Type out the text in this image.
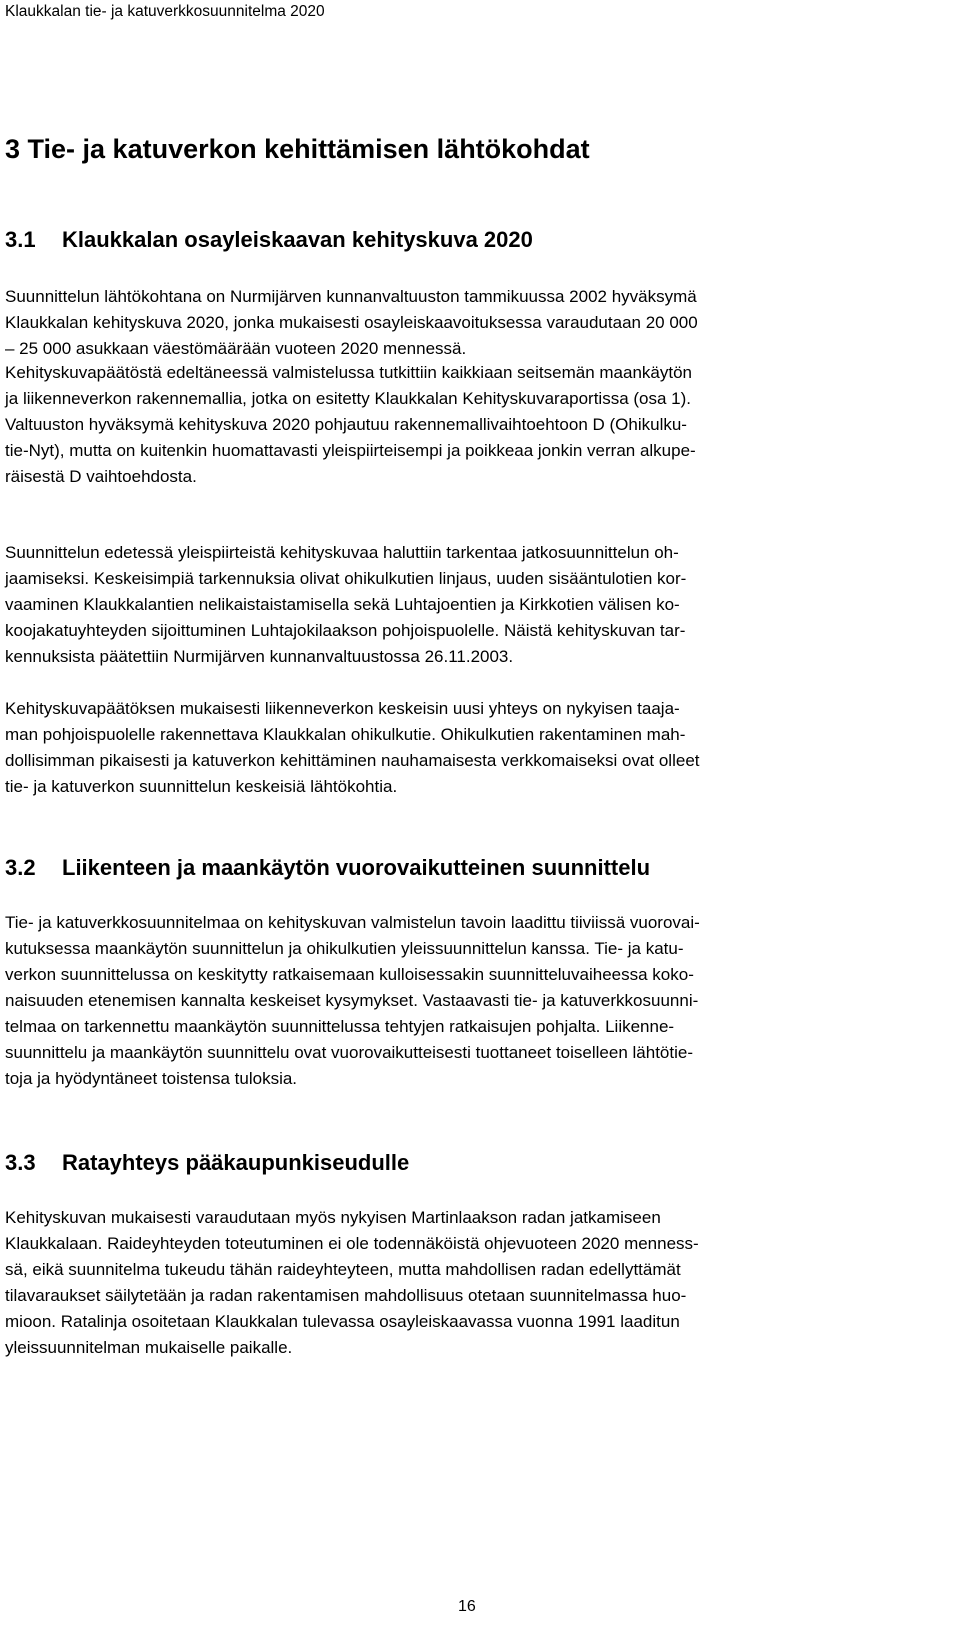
Klaukkalan tie- ja katuverkkosuunnitelma 2020
3 Tie- ja katuverkon kehittämisen lähtökohdat
3.1 Klaukkalan osayleiskaavan kehityskuva 2020

Suunnittelun lähtökohtana on Nurmijärven kunnanvaltuuston tammikuussa 2002 hyväksymä
Klaukkalan kehityskuva 2020, jonka mukaisesti osayleiskaavoituksessa varaudutaan 20 000
– 25 000 asukkaan väestömäärään vuoteen 2020 mennessä.

Kehityskuvapäätöstä edeltäneessä valmistelussa tutkittiin kaikkiaan seitsemän maankäytön
ja liikenneverkon rakennemallia, jotka on esitetty Klaukkalan Kehityskuvaraportissa (osa 1).
Valtuuston hyväksymä kehityskuva 2020 pohjautuu rakennemallivaihtoehtoon D (Ohikulku-
tie-Nyt), mutta on kuitenkin huomattavasti yleispiirteisempi ja poikkeaa jonkin verran alkupe-
räisestä D vaihtoehdosta.

Suunnittelun edetessä yleispiirteistä kehityskuvaa haluttiin tarkentaa jatkosuunnittelun oh-
jaamiseksi. Keskeisimpiä tarkennuksia olivat ohikulkutien linjaus, uuden sisääntulotien kor-
vaaminen Klaukkalantien nelikaistaistamisella sekä Luhtajoentien ja Kirkkotien välisen ko-
koojakatuyhteyden sijoittuminen Luhtajokilaakson pohjoispuolelle. Näistä kehityskuvan tar-
kennuksista päätettiin Nurmijärven kunnanvaltuustossa 26.11.2003.

Kehityskuvapäätöksen mukaisesti liikenneverkon keskeisin uusi yhteys on nykyisen taaja-
man pohjoispuolelle rakennettava Klaukkalan ohikulkutie. Ohikulkutien rakentaminen mah-
dollisimman pikaisesti ja katuverkon kehittäminen nauhamaisesta verkkomaiseksi ovat olleet
tie- ja katuverkon suunnittelun keskeisiä lähtökohtia.

3.2 Liikenteen ja maankäytön vuorovaikutteinen suunnittelu

Tie- ja katuverkkosuunnitelmaa on kehityskuvan valmistelun tavoin laadittu tiiviissä vuorovai-
kutuksessa maankäytön suunnittelun ja ohikulkutien yleissuunnittelun kanssa. Tie- ja katu-
verkon suunnittelussa on keskitytty ratkaisemaan kulloisessakin suunnitteluvaiheessa koko-
naisuuden etenemisen kannalta keskeiset kysymykset. Vastaavasti tie- ja katuverkkosuunni-
telmaa on tarkennettu maankäytön suunnittelussa tehtyjen ratkaisujen pohjalta. Liikenne-
suunnittelu ja maankäytön suunnittelu ovat vuorovaikutteisesti tuottaneet toiselleen lähtötie-
toja ja hyödyntäneet toistensa tuloksia.

3.3 Ratayhteys pääkaupunkiseudulle

Kehityskuvan mukaisesti varaudutaan myös nykyisen Martinlaakson radan jatkamiseen
Klaukkalaan. Raideyhteyden toteutuminen ei ole todennäköistä ohjevuoteen 2020 menness-
sä, eikä suunnitelma tukeudu tähän raideyhteyteen, mutta mahdollisen radan edellyttämät
tilavaraukset säilytetään ja radan rakentamisen mahdollisuus otetaan suunnitelmassa huo-
mioon. Ratalinja osoitetaan Klaukkalan tulevassa osayleiskaavassa vuonna 1991 laaditun
yleissuunnitelman mukaiselle paikalle.

16
